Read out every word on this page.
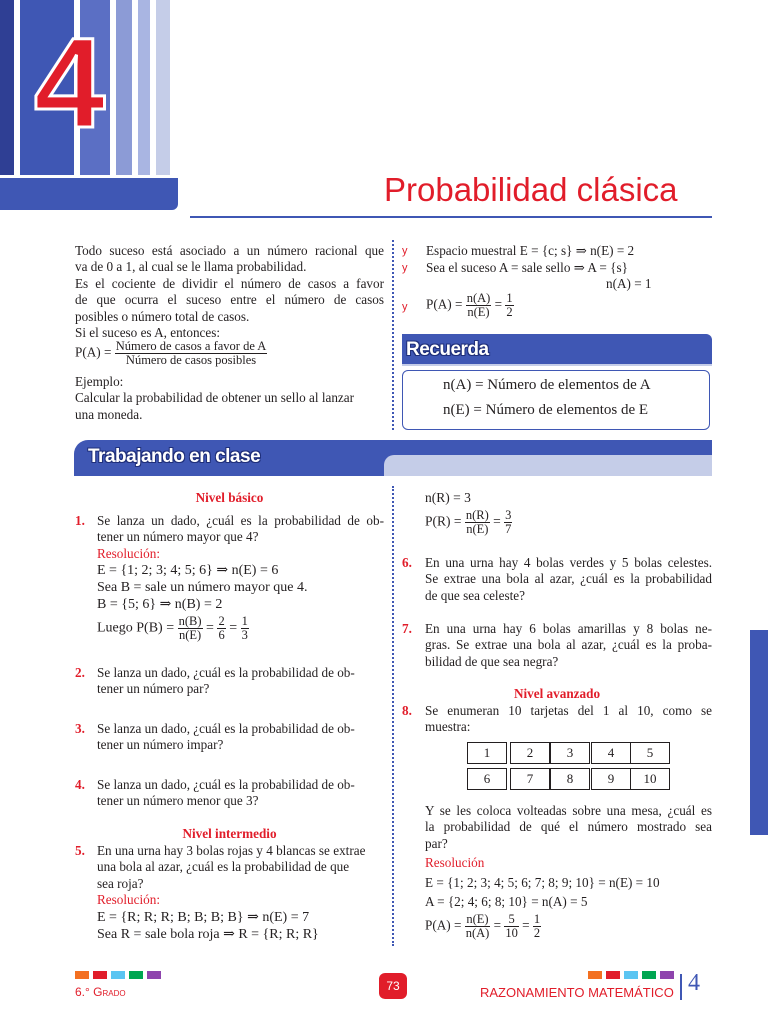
4
Probabilidad clásica
Todo suceso está asociado a un número racional que
va de 0 a 1, al cual se le llama probabilidad.
Es el cociente de dividir el número de casos a favor
de que ocurra el suceso entre el número de casos
posibles o número total de casos.
Si el suceso es A, entonces:
$P(A) = \frac{\text{Número de casos a favor de A}}{\text{Número de casos posibles}}$
Ejemplo:
Calcular la probabilidad de obtener un sello al lanzar
una moneda.
y Espacio muestral E = {c; s} ⇒ n(E) = 2
y Sea el suceso A = sale sello ⇒ A = {s}
n(A) = 1
y $P(A) = \frac{n(A)}{n(E)} = \frac{1}{2}$
Recuerda
n(A) = Número de elementos de A
n(E) = Número de elementos de E
Trabajando en clase
Nivel básico
1. Se lanza un dado, ¿cuál es la probabilidad de ob-
tener un número mayor que 4?
Resolución:
E = {1; 2; 3; 4; 5; 6} ⇒ n(E) = 6
Sea B = sale un número mayor que 4.
B = {5; 6} ⇒ n(B) = 2
Luego $P(B) = \frac{n(B)}{n(E)} = \frac{2}{6} = \frac{1}{3}$
2. Se lanza un dado, ¿cuál es la probabilidad de ob-
tener un número par?
3. Se lanza un dado, ¿cuál es la probabilidad de ob-
tener un número impar?
4. Se lanza un dado, ¿cuál es la probabilidad de ob-
tener un número menor que 3?
Nivel intermedio
5. En una urna hay 3 bolas rojas y 4 blancas se extrae
una bola al azar, ¿cuál es la probabilidad de que
sea roja?
Resolución:
E = {R; R; R; B; B; B; B} ⇒ n(E) = 7
Sea R = sale bola roja ⇒ R = {R; R; R}
n(R) = 3
$P(R) = \frac{n(R)}{n(E)} = \frac{3}{7}$
6. En una urna hay 4 bolas verdes y 5 bolas celestes.
Se extrae una bola al azar, ¿cuál es la probabilidad
de que sea celeste?
7. En una urna hay 6 bolas amarillas y 8 bolas ne-
gras. Se extrae una bola al azar, ¿cuál es la proba-
bilidad de que sea negra?
Nivel avanzado
8. Se enumeran 10 tarjetas del 1 al 10, como se
muestra:
1	2	3	4	5
6	7	8	9	10
Y se les coloca volteadas sobre una mesa, ¿cuál es
la probabilidad de qué el número mostrado sea
par?
Resolución
E = {1; 2; 3; 4; 5; 6; 7; 8; 9; 10} = n(E) = 10
A = {2; 4; 6; 8; 10} = n(A) = 5
$P(A) = \frac{n(E)}{n(A)} = \frac{5}{10} = \frac{1}{2}$
6.° Grado	73	RAZONAMIENTO MATEMÁTICO 4
